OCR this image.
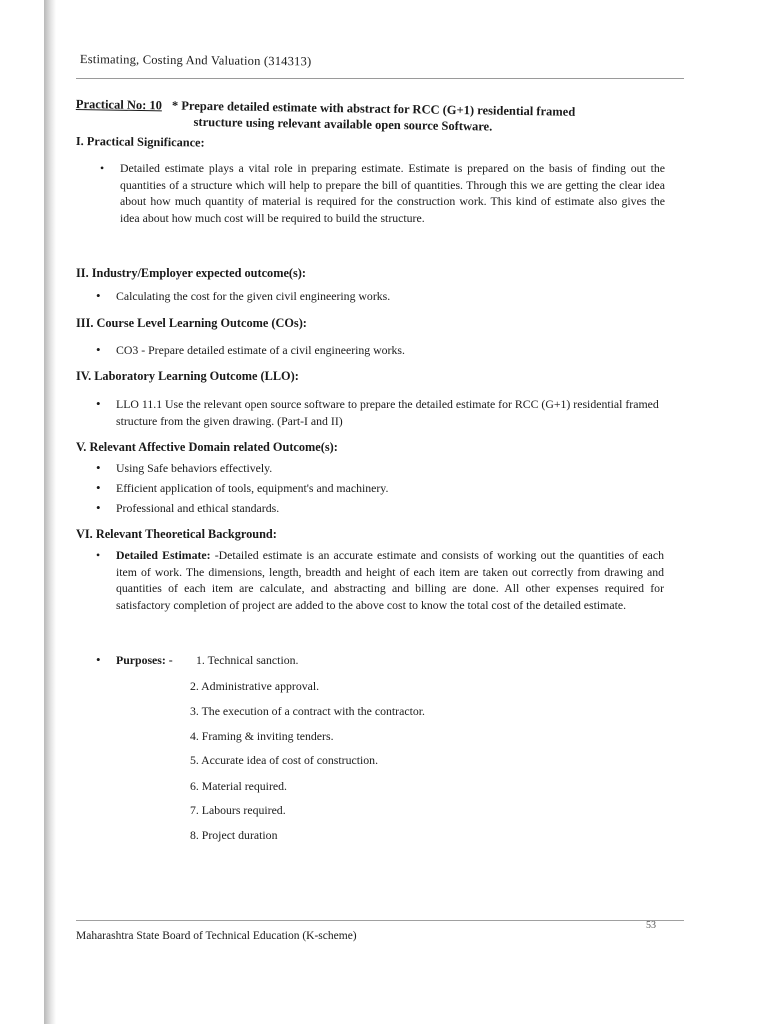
Estimating, Costing And Valuation (314313)
Practical No: 10 * Prepare detailed estimate with abstract for RCC (G+1) residential framed
structure using relevant available open source Software.
I. Practical Significance:
• Detailed estimate plays a vital role in preparing estimate. Estimate is prepared on the basis of finding out the quantities of a structure which will help to prepare the bill of quantities. Through this we are getting the clear idea about how much quantity of material is required for the construction work. This kind of estimate also gives the idea about how much cost will be required to build the structure.
II. Industry/Employer expected outcome(s):
• Calculating the cost for the given civil engineering works.
III. Course Level Learning Outcome (COs):
• CO3 - Prepare detailed estimate of a civil engineering works.
IV. Laboratory Learning Outcome (LLO):
• LLO 11.1 Use the relevant open source software to prepare the detailed estimate for RCC (G+1) residential framed structure from the given drawing. (Part-I and II)
V. Relevant Affective Domain related Outcome(s):
• Using Safe behaviors effectively.
• Efficient application of tools, equipment's and machinery.
• Professional and ethical standards.
VI. Relevant Theoretical Background:
• Detailed Estimate: -Detailed estimate is an accurate estimate and consists of working out the quantities of each item of work. The dimensions, length, breadth and height of each item are taken out correctly from drawing and quantities of each item are calculate, and abstracting and billing are done. All other expenses required for satisfactory completion of project are added to the above cost to know the total cost of the detailed estimate.
• Purposes: -	1. Technical sanction.
2. Administrative approval.
3. The execution of a contract with the contractor.
4. Framing & inviting tenders.
5. Accurate idea of cost of construction.
6. Material required.
7. Labours required.
8. Project duration
53
Maharashtra State Board of Technical Education (K-scheme)
